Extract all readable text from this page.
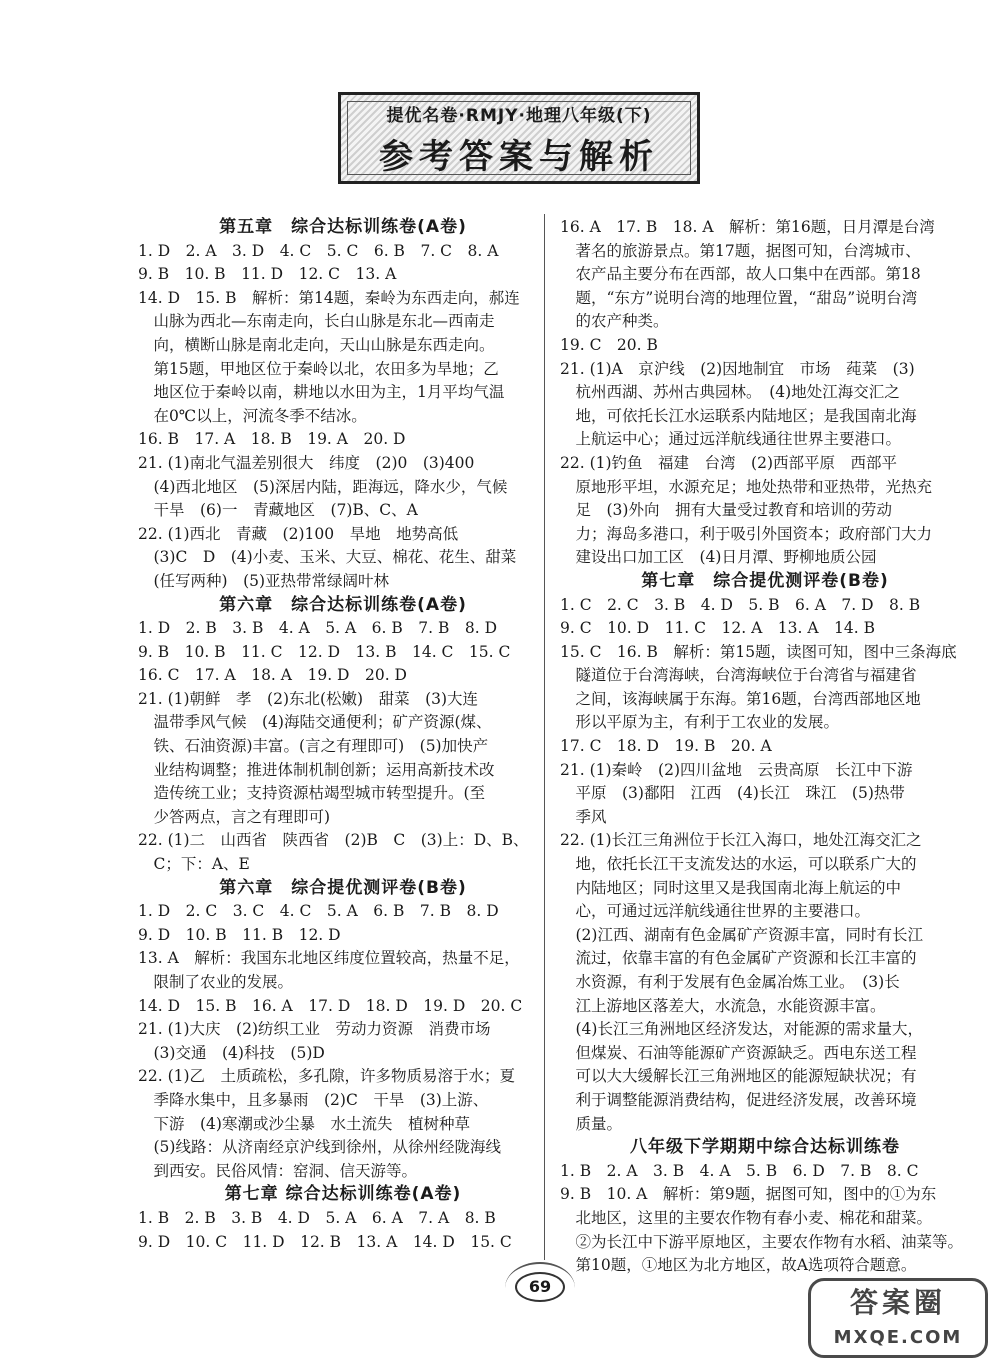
提优名卷·RMJY·地理八年级(下)
参考答案与解析
第五章　综合达标训练卷(A卷)
1. D　2. A　3. D　4. C　5. C　6. B　7. C　8. A
9. B　10. B　11. D　12. C　13. A
14. D　15. B　解析：第14题，秦岭为东西走向，郝连
　山脉为西北—东南走向，长白山脉是东北—西南走
　向，横断山脉是南北走向，天山山脉是东西走向。
　第15题，甲地区位于秦岭以北，农田多为旱地；乙
　地区位于秦岭以南，耕地以水田为主，1月平均气温
　在0℃以上，河流冬季不结冰。
16. B　17. A　18. B　19. A　20. D
21. (1)南北气温差别很大　纬度　(2)0　(3)400
　(4)西北地区　(5)深居内陆，距海远，降水少，气候
　干旱　(6)一　青藏地区　(7)B、C、A
22. (1)西北　青藏　(2)100　旱地　地势高低
　(3)C　D　(4)小麦、玉米、大豆、棉花、花生、甜菜
　(任写两种)　(5)亚热带常绿阔叶林
第六章　综合达标训练卷(A卷)
1. D　2. B　3. B　4. A　5. A　6. B　7. B　8. D
9. B　10. B　11. C　12. D　13. B　14. C　15. C
16. C　17. A　18. A　19. D　20. D
21. (1)朝鲜　孝　(2)东北(松嫩)　甜菜　(3)大连
　温带季风气候　(4)海陆交通便利；矿产资源(煤、
　铁、石油资源)丰富。(言之有理即可)　(5)加快产
　业结构调整；推进体制机制创新；运用高新技术改
　造传统工业；支持资源枯竭型城市转型提升。(至
　少答两点，言之有理即可)
22. (1)二　山西省　陕西省　(2)B　C　(3)上：D、B、
　C；下：A、E
第六章　综合提优测评卷(B卷)
1. D　2. C　3. C　4. C　5. A　6. B　7. B　8. D
9. D　10. B　11. B　12. D
13. A　解析：我国东北地区纬度位置较高，热量不足，
　限制了农业的发展。
14. D　15. B　16. A　17. D　18. D　19. D　20. C
21. (1)大庆　(2)纺织工业　劳动力资源　消费市场
　(3)交通　(4)科技　(5)D
22. (1)乙　土质疏松，多孔隙，许多物质易溶于水；夏
　季降水集中，且多暴雨　(2)C　干旱　(3)上游、
　下游　(4)寒潮或沙尘暴　水土流失　植树种草
　(5)线路：从济南经京沪线到徐州，从徐州经陇海线
　到西安。民俗风情：窑洞、信天游等。
第七章 综合达标训练卷(A卷)
1. B　2. B　3. B　4. D　5. A　6. A　7. A　8. B
9. D　10. C　11. D　12. B　13. A　14. D　15. C
16. A　17. B　18. A　解析：第16题，日月潭是台湾
　著名的旅游景点。第17题，据图可知，台湾城市、
　农产品主要分布在西部，故人口集中在西部。第18
　题，“东方”说明台湾的地理位置，“甜岛”说明台湾
　的农产种类。
19. C　20. B
21. (1)A　京沪线　(2)因地制宜　市场　莼菜　(3)
　杭州西湖、苏州古典园林。　(4)地处江海交汇之
　地，可依托长江水运联系内陆地区；是我国南北海
　上航运中心；通过远洋航线通往世界主要港口。
22. (1)钓鱼　福建　台湾　(2)西部平原　西部平
　原地形平坦，水源充足；地处热带和亚热带，光热充
　足　(3)外向　拥有大量受过教育和培训的劳动
　力；海岛多港口，利于吸引外国资本；政府部门大力
　建设出口加工区　(4)日月潭、野柳地质公园
第七章　综合提优测评卷(B卷)
1. C　2. C　3. B　4. D　5. B　6. A　7. D　8. B
9. C　10. D　11. C　12. A　13. A　14. B
15. C　16. B　解析：第15题，读图可知，图中三条海底
　隧道位于台湾海峡，台湾海峡位于台湾省与福建省
　之间，该海峡属于东海。第16题，台湾西部地区地
　形以平原为主，有利于工农业的发展。
17. C　18. D　19. B　20. A
21. (1)秦岭　(2)四川盆地　云贵高原　长江中下游
　平原　(3)鄱阳　江西　(4)长江　珠江　(5)热带
　季风
22. (1)长江三角洲位于长江入海口，地处江海交汇之
　地，依托长江干支流发达的水运，可以联系广大的
　内陆地区；同时这里又是我国南北海上航运的中
　心，可通过远洋航线通往世界的主要港口。
　(2)江西、湖南有色金属矿产资源丰富，同时有长江
　流过，依靠丰富的有色金属矿产资源和长江丰富的
　水资源，有利于发展有色金属冶炼工业。　(3)长
　江上游地区落差大，水流急，水能资源丰富。
　(4)长江三角洲地区经济发达，对能源的需求量大，
　但煤炭、石油等能源矿产资源缺乏。西电东送工程
　可以大大缓解长江三角洲地区的能源短缺状况；有
　利于调整能源消费结构，促进经济发展，改善环境
　质量。
八年级下学期期中综合达标训练卷
1. B　2. A　3. B　4. A　5. B　6. D　7. B　8. C
9. B　10. A　解析：第9题，据图可知，图中的①为东
　北地区，这里的主要农作物有春小麦、棉花和甜菜。
　②为长江中下游平原地区，主要农作物有水稻、油菜等。
　第10题，①地区为北方地区，故A选项符合题意。
69	答案圈
MXQE.COM
